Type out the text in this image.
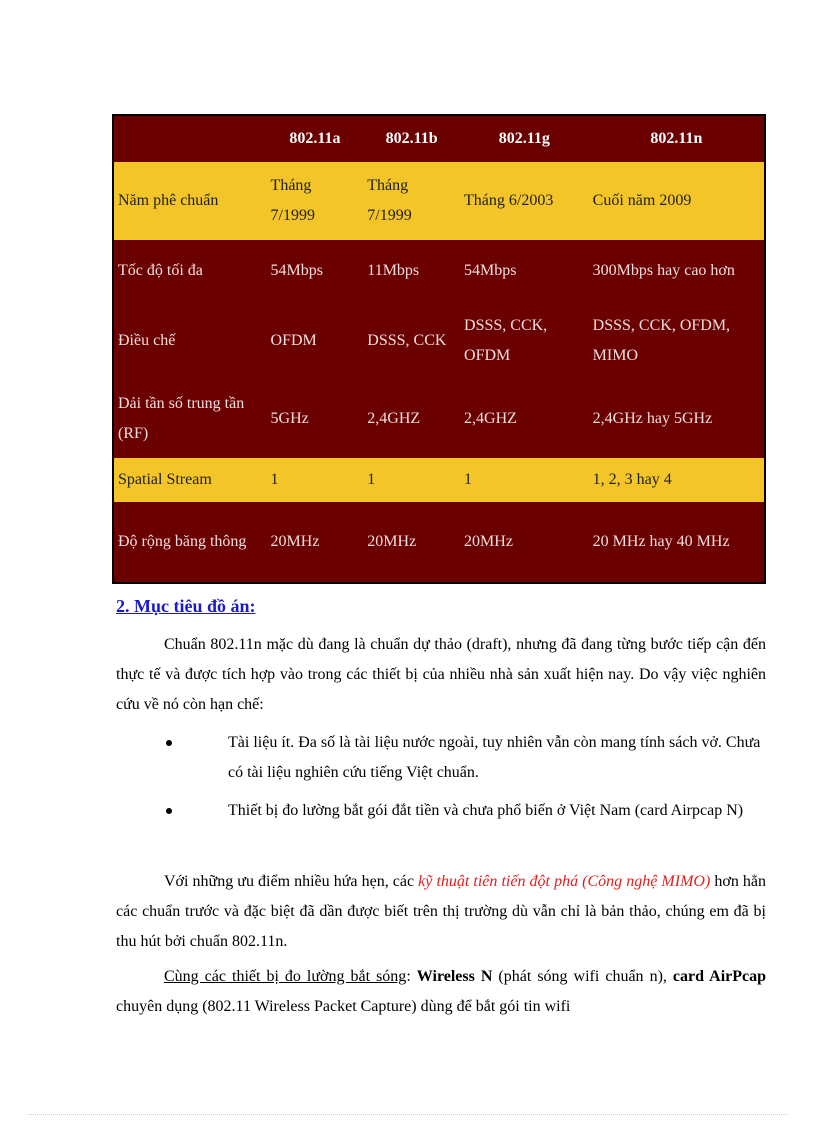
	802.11a	802.11b	802.11g	802.11n
Năm phê chuẩn	Tháng 7/1999	Tháng 7/1999	Tháng 6/2003	Cuối năm 2009
Tốc độ tối đa	54Mbps	11Mbps	54Mbps	300Mbps hay cao hơn
Điều chế	OFDM	DSSS, CCK	DSSS, CCK, OFDM	DSSS, CCK, OFDM, MIMO
Dải tần số trung tần (RF)	5GHz	2,4GHZ	2,4GHZ	2,4GHz hay 5GHz
Spatial Stream	1	1	1	1, 2, 3 hay 4
Độ rộng băng thông	20MHz	20MHz	20MHz	20 MHz hay 40 MHz
2. Mục tiêu đồ án:

Chuẩn 802.11n mặc dù đang là chuẩn dự thảo (draft), nhưng đã đang từng bước tiếp cận đến thực tế và được tích hợp vào trong các thiết bị của nhiều nhà sản xuất hiện nay. Do vậy việc nghiên cứu về nó còn hạn chế:

Tài liệu ít. Đa số là tài liệu nước ngoài, tuy nhiên vẫn còn mang tính sách vở. Chưa có tài liệu nghiên cứu tiếng Việt chuẩn.
Thiết bị đo lường bắt gói đắt tiền và chưa phổ biến ở Việt Nam (card Airpcap N)

Với những ưu điểm nhiều hứa hẹn, các kỹ thuật tiên tiến đột phá (Công nghệ MIMO) hơn hẳn các chuẩn trước và đặc biệt đã dần được biết trên thị trường dù vẫn chỉ là bản thảo, chúng em đã bị thu hút bởi chuẩn 802.11n.

Cùng các thiết bị đo lường bắt sóng: Wireless N (phát sóng wifi chuẩn n), card AirPcap chuyên dụng (802.11 Wireless Packet Capture) dùng để bắt gói tin wifi
